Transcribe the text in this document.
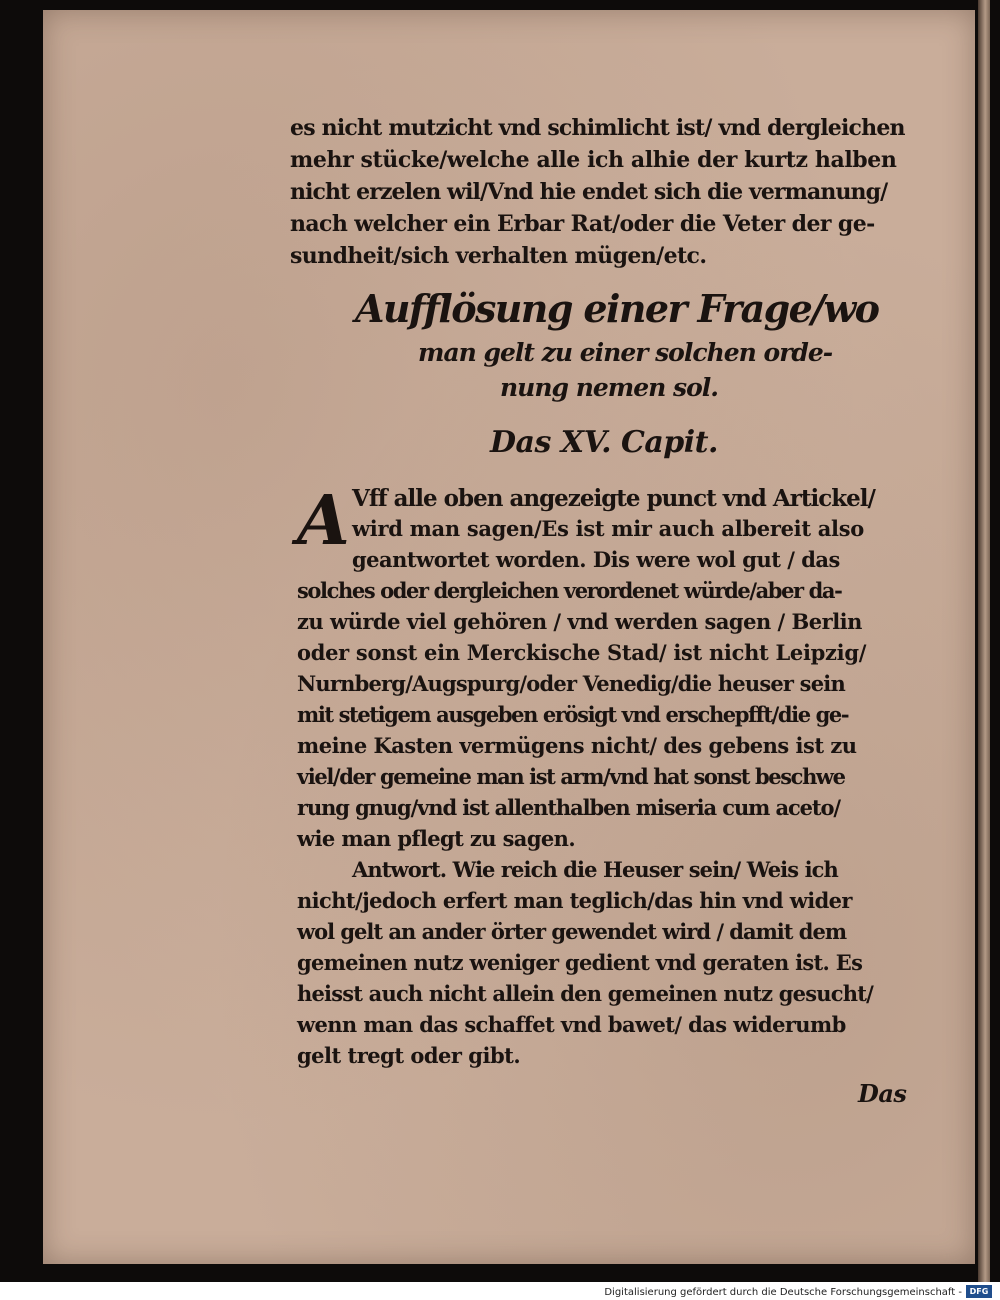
es nicht mutzicht vnd schimlicht ist/ vnd dergleichen
mehr stücke/welche alle ich alhie der kurtz halben
nicht erzelen wil/Vnd hie endet sich die vermanung/
nach welcher ein Erbar Rat/oder die Veter der ge-
sundheit/sich verhalten mügen/etc.
Aufflösung einer Frage/wo
man gelt zu einer solchen orde-
nung nemen sol.
Das XV. Capit.
A Vff alle oben angezeigte punct vnd Artickel/
wird man sagen/Es ist mir auch albereit also
geantwortet worden. Dis were wol gut / das
solches oder dergleichen verordenet würde/aber da-
zu würde viel gehören / vnd werden sagen / Berlin
oder sonst ein Merckische Stad/ ist nicht Leipzig/
Nurnberg/Augspurg/oder Venedig/die heuser sein
mit stetigem ausgeben erösigt vnd erschepfft/die ge-
meine Kasten vermügens nicht/ des gebens ist zu
viel/der gemeine man ist arm/vnd hat sonst beschwe
rung gnug/vnd ist allenthalben miseria cum aceto/
wie man pflegt zu sagen.
Antwort. Wie reich die Heuser sein/ Weis ich
nicht/jedoch erfert man teglich/das hin vnd wider
wol gelt an ander örter gewendet wird / damit dem
gemeinen nutz weniger gedient vnd geraten ist. Es
heisst auch nicht allein den gemeinen nutz gesucht/
wenn man das schaffet vnd bawet/ das widerumb
gelt tregt oder gibt.
Das
Digitalisierung gefördert durch die Deutsche Forschungsgemeinschaft - DFG
